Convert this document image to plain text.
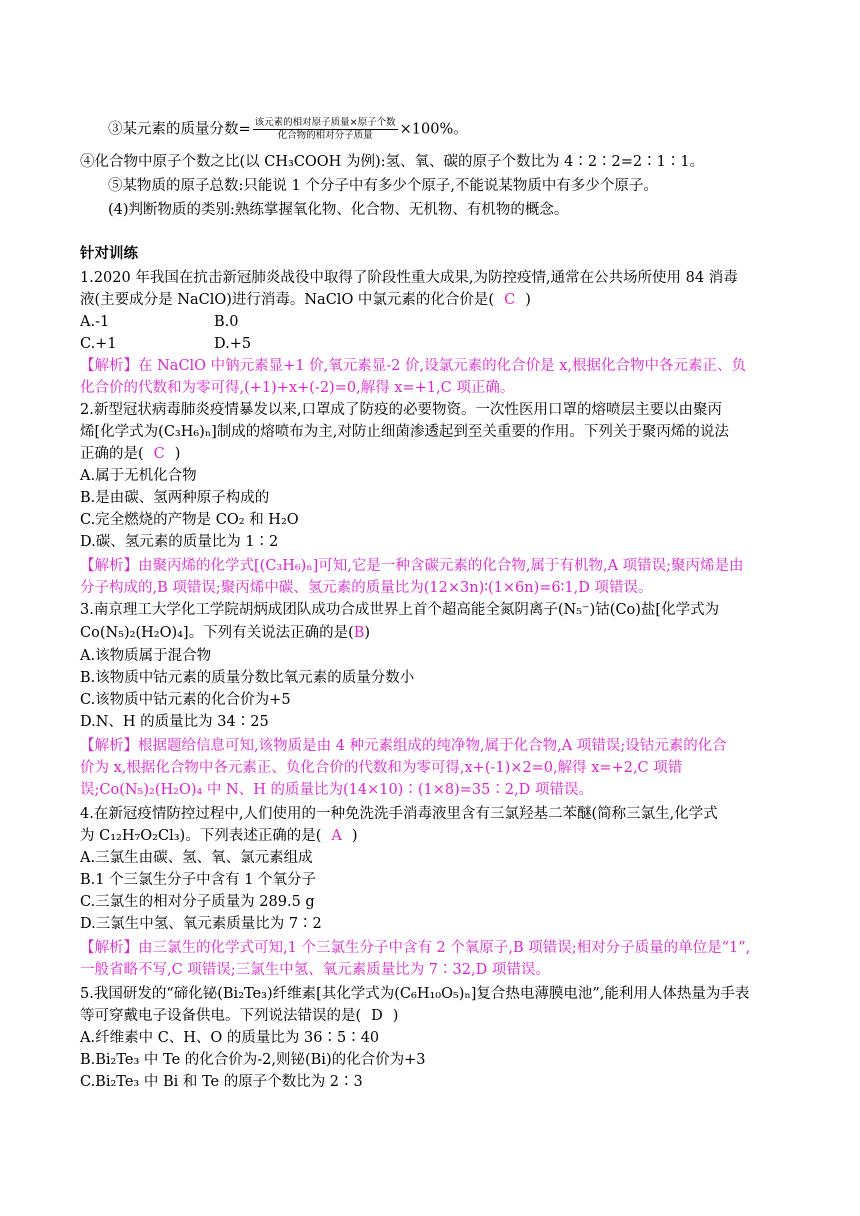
③某元素的质量分数= $\frac{\text{该元素的相对原子质量×原子个数}}{\text{化合物的相对分子质量}} \times 100\%$。
④化合物中原子个数之比(以 CH₃COOH 为例):氢、氧、碳的原子个数比为 4∶2∶2=2∶1∶1。
⑤某物质的原子总数:只能说 1 个分子中有多少个原子,不能说某物质中有多少个原子。
(4)判断物质的类别:熟练掌握氧化物、化合物、无机物、有机物的概念。
针对训练
1.2020 年我国在抗击新冠肺炎战役中取得了阶段性重大成果,为防控疫情,通常在公共场所使用 84 消毒
液(主要成分是 NaClO)进行消毒。NaClO 中氯元素的化合价是( C )
A.-1	B.0
C.+1	D.+5
【解析】在 NaClO 中钠元素显+1 价,氧元素显-2 价,设氯元素的化合价是 x,根据化合物中各元素正、负
化合价的代数和为零可得,(+1)+x+(-2)=0,解得 x=+1,C 项正确。
2.新型冠状病毒肺炎疫情暴发以来,口罩成了防疫的必要物资。一次性医用口罩的熔喷层主要以由聚丙
烯[化学式为(C₃H₆)ₙ]制成的熔喷布为主,对防止细菌渗透起到至关重要的作用。下列关于聚丙烯的说法
正确的是( C )
A.属于无机化合物
B.是由碳、氢两种原子构成的
C.完全燃烧的产物是 CO₂ 和 H₂O
D.碳、氢元素的质量比为 1∶2
【解析】由聚丙烯的化学式[(C₃H₆)ₙ]可知,它是一种含碳元素的化合物,属于有机物,A 项错误;聚丙烯是由
分子构成的,B 项错误;聚丙烯中碳、氢元素的质量比为(12×3n)∶(1×6n)=6∶1,D 项错误。
3.南京理工大学化工学院胡炳成团队成功合成世界上首个超高能全氮阴离子(N₅⁻)钴(Co)盐[化学式为
Co(N₅)₂(H₂O)₄]。下列有关说法正确的是(B)
A.该物质属于混合物
B.该物质中钴元素的质量分数比氧元素的质量分数小
C.该物质中钴元素的化合价为+5
D.N、H 的质量比为 34∶25
【解析】根据题给信息可知,该物质是由 4 种元素组成的纯净物,属于化合物,A 项错误;设钴元素的化合
价为 x,根据化合物中各元素正、负化合价的代数和为零可得,x+(-1)×2=0,解得 x=+2,C 项错
误;Co(N₅)₂(H₂O)₄ 中 N、H 的质量比为(14×10)∶(1×8)=35∶2,D 项错误。
4.在新冠疫情防控过程中,人们使用的一种免洗洗手消毒液里含有三氯羟基二苯醚(简称三氯生,化学式
为 C₁₂H₇O₂Cl₃)。下列表述正确的是( A )
A.三氯生由碳、氢、氧、氯元素组成
B.1 个三氯生分子中含有 1 个氧分子
C.三氯生的相对分子质量为 289.5 g
D.三氯生中氢、氧元素质量比为 7∶2
【解析】由三氯生的化学式可知,1 个三氯生分子中含有 2 个氧原子,B 项错误;相对分子质量的单位是“1”,
一般省略不写,C 项错误;三氯生中氢、氧元素质量比为 7∶32,D 项错误。
5.我国研发的“碲化铋(Bi₂Te₃)纤维素[其化学式为(C₆H₁₀O₅)ₙ]复合热电薄膜电池”,能利用人体热量为手表
等可穿戴电子设备供电。下列说法错误的是( D )
A.纤维素中 C、H、O 的质量比为 36∶5∶40
B.Bi₂Te₃ 中 Te 的化合价为-2,则铋(Bi)的化合价为+3
C.Bi₂Te₃ 中 Bi 和 Te 的原子个数比为 2∶3
